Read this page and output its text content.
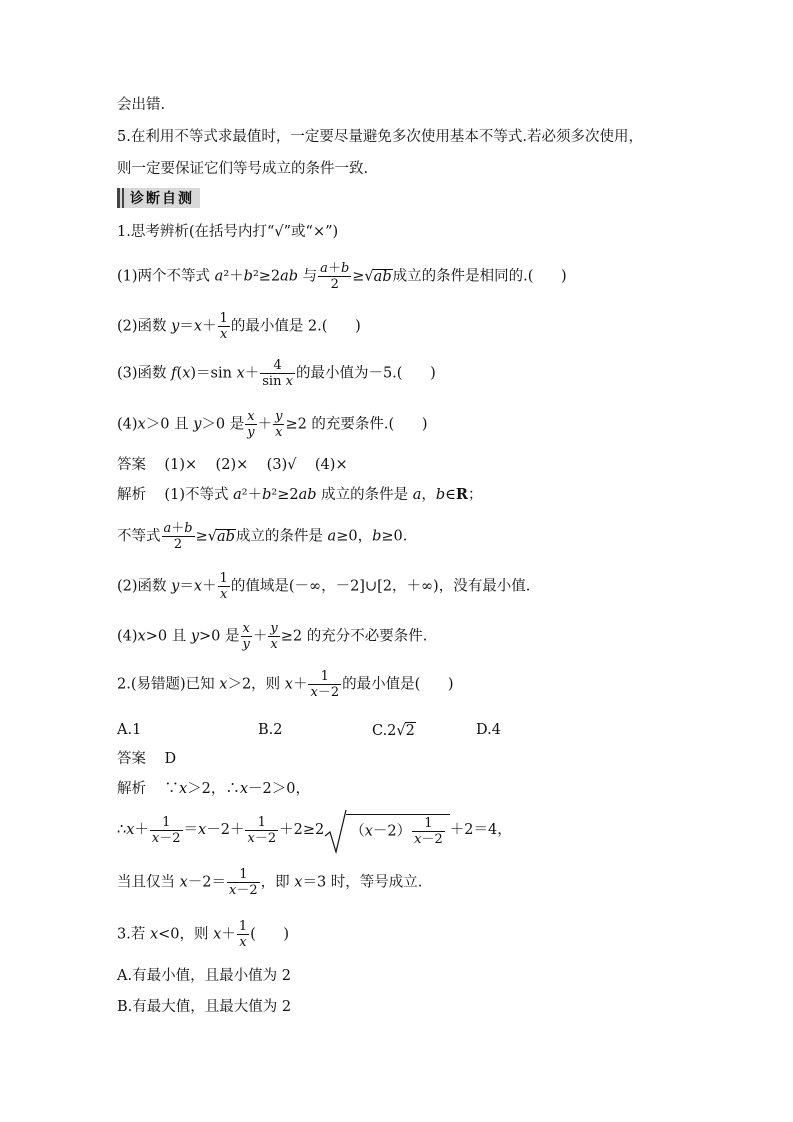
会出错.
5.在利用不等式求最值时，一定要尽量避免多次使用基本不等式.若必须多次使用，
则一定要保证它们等号成立的条件一致.
诊断自测
1.思考辨析(在括号内打“√”或“×”)
(1)两个不等式 a²＋b²≥2ab 与 $\frac{a+b}{2} \ge√ab$成立的条件是相同的.(      )
(2)函数 $y=x+ \frac{1}{x}$ 的最小值是 2.(      )
(3)函数 f(x)＝sin $x+ \frac{4}{\text{sin x}}$ 的最小值为－5.(      )
(4)x＞0 且 y＞0 是 $\frac{x}{y} + \frac{y}{x} \ge 2$ 的充要条件.(      )
答案    (1)×    (2)×    (3)√    (4)×
解析    (1)不等式 a²＋b²≥2ab 成立的条件是 a，b∈R；
不等式 $\frac{a+b}{2} \ge√ab$成立的条件是 a≥0，b≥0.
(2)函数 $y=x+ \frac{1}{x}$ 的值域是(－∞，－2]∪[2，＋∞)，没有最小值.
(4)x>0 且 y>0 是 $\frac{x}{y} + \frac{y}{x} \ge 2$ 的充分不必要条件.
2.(易错题)已知 x＞2，则 $x+ \frac{1}{x-2}$ 的最小值是(      )
A.1	B.2	C.2√2	D.4
答案 D
解析    ∵x＞2，∴x－2＞0，
∴x＋ $\frac{1}{x-2} =x-2+ \frac{1}{x-2} +2\ge 2$ $(x-2) \frac{1}{x-2} +2=4$，
当且仅当 $x-2= \frac{1}{x-2}$ ，即 x＝3 时，等号成立.
3.若 x<0，则 $x+ \frac{1}{x}$ (      )
A.有最小值，且最小值为 2
B.有最大值，且最大值为 2
